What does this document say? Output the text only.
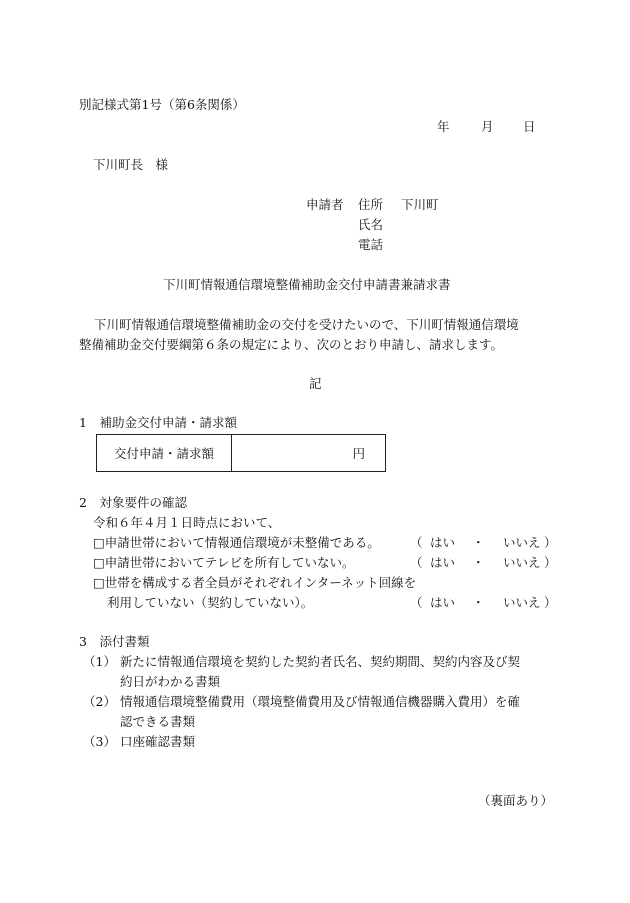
別記様式第1号（第6条関係）
年	月 日
下川町長　様
申請者 住所 下川町
氏名
電話
下川町情報通信環境整備補助金交付申請書兼請求書
下川町情報通信環境整備補助金の交付を受けたいので、下川町情報通信環境
整備補助金交付要綱第６条の規定により、次のとおり申請し、請求します。
記
1　補助金交付申請・請求額
交付申請・請求額	円
2　対象要件の確認
令和６年４月１日時点において、
□申請世帯において情報通信環境が未整備である。 （ はい ・ いいえ ）
□申請世帯においてテレビを所有していない。	（ はい ・ いいえ ）
□世帯を構成する者全員がそれぞれインターネット回線を
利用していない（契約していない）。	（ はい ・ いいえ ）
3　添付書類
（1） 新たに情報通信環境を契約した契約者氏名、契約期間、契約内容及び契
約日がわかる書類
（2） 情報通信環境整備費用（環境整備費用及び情報通信機器購入費用）を確
認できる書類
（3） 口座確認書類
（裏面あり）
